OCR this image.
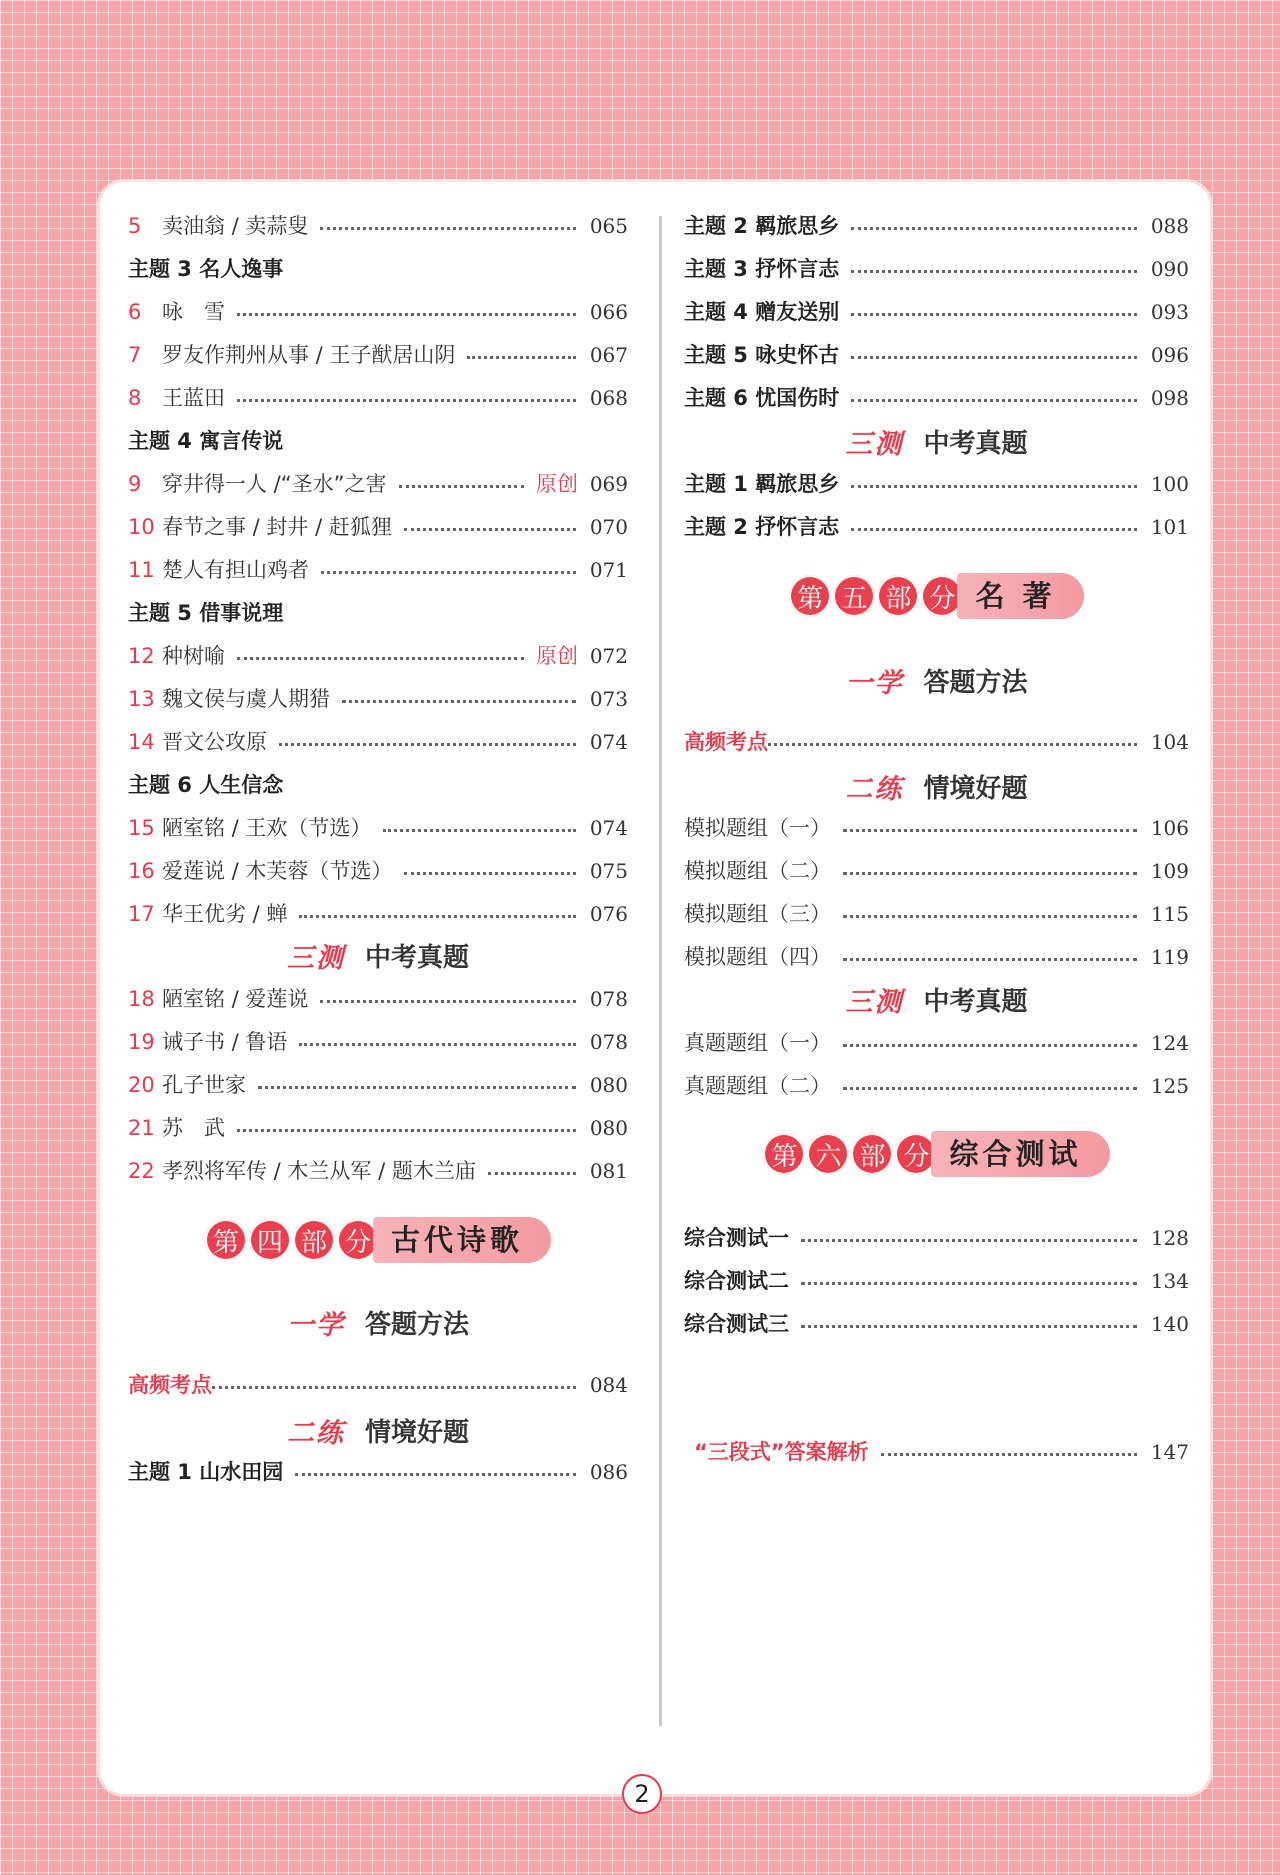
5 卖油翁 / 卖蒜叟	065
主题 3 名人逸事
6 咏　雪	066
7 罗友作荆州从事 / 王子猷居山阴	067
8 王蓝田	068
主题 4 寓言传说
9 穿井得一人 /“圣水”之害	原创 069
10 春节之事 / 封井 / 赶狐狸	070
11 楚人有担山鸡者	071
主题 5 借事说理
12 种树喻	原创 072
13 魏文侯与虞人期猎	073
14 晋文公攻原	074
主题 6 人生信念
15 陋室铭 / 王欢（节选）	074
16 爱莲说 / 木芙蓉（节选）	075
17 华王优劣 / 蝉	076
三测 中考真题
18 陋室铭 / 爱莲说	078
19 诫子书 / 鲁语	078
20 孔子世家	080
21 苏　武	080
22 孝烈将军传 / 木兰从军 / 题木兰庙	081
第 四 部 分 古代诗歌
一学 答题方法
高频考点	084
二练 情境好题
主题 1 山水田园	086
主题 2 羁旅思乡	088
主题 3 抒怀言志	090
主题 4 赠友送别	093
主题 5 咏史怀古	096
主题 6 忧国伤时	098
三测 中考真题
主题 1 羁旅思乡	100
主题 2 抒怀言志	101
第 五 部 分 名 著
一学 答题方法
高频考点	104
二练 情境好题
模拟题组（一）	106
模拟题组（二）	109
模拟题组（三）	115
模拟题组（四）	119
三测 中考真题
真题题组（一）	124
真题题组（二）	125
第 六 部 分 综合测试
综合测试一	128
综合测试二	134
综合测试三	140
“三段式”答案解析	147
2
